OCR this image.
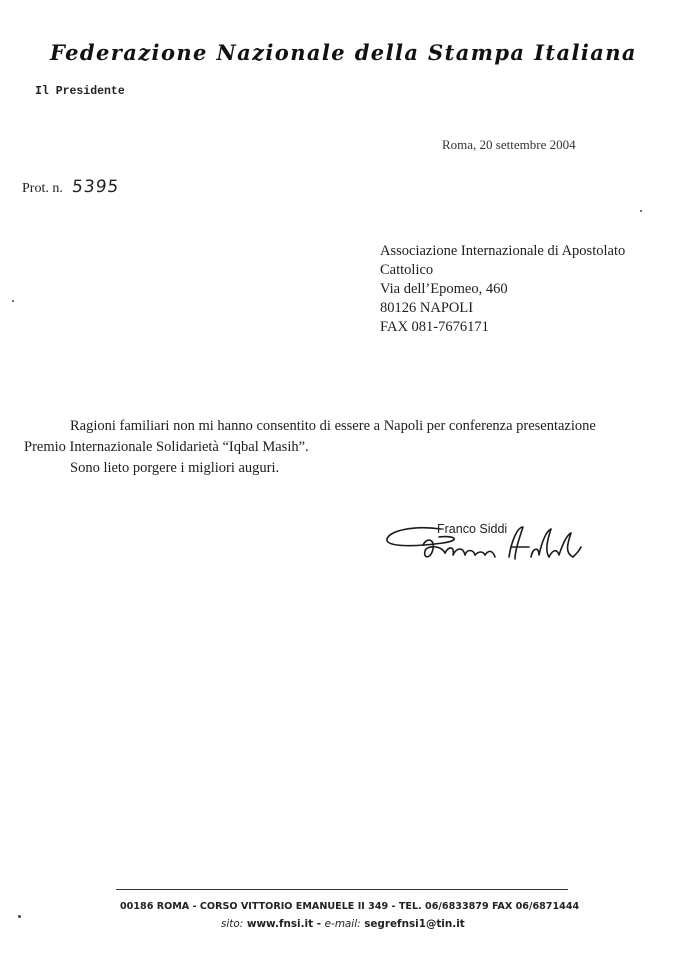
Federazione Nazionale della Stampa Italiana
Il Presidente
Roma, 20 settembre 2004
Prot. n. 5395
Associazione Internazionale di Apostolato
Cattolico
Via dell’Epomeo, 460
80126 NAPOLI
FAX 081-7676171
Ragioni familiari non mi hanno consentito di essere a Napoli per conferenza presentazione
Premio Internazionale Solidarietà “Iqbal Masih”.
Sono lieto porgere i migliori auguri.
Franco Siddi
00186 ROMA - CORSO VITTORIO EMANUELE II 349 - TEL. 06/6833879 FAX 06/6871444
sito: www.fnsi.it - e-mail: segrefnsi1@tin.it
